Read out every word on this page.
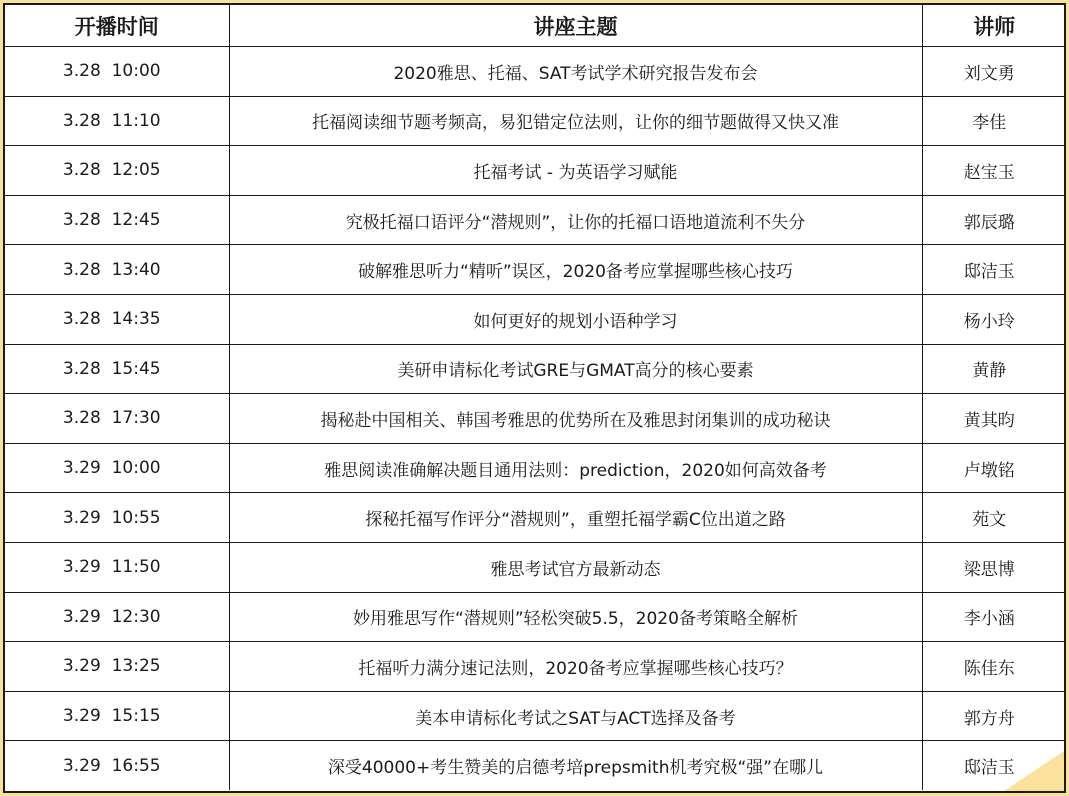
开播时间	讲座主题	讲师
3.28  10:00	2020雅思、托福、SAT考试学术研究报告发布会	刘文勇
3.28  11:10	托福阅读细节题考频高，易犯错定位法则，让你的细节题做得又快又准	李佳
3.28  12:05	托福考试 - 为英语学习赋能	赵宝玉
3.28  12:45	究极托福口语评分“潜规则”，让你的托福口语地道流利不失分	郭辰璐
3.28  13:40	破解雅思听力“精听”误区，2020备考应掌握哪些核心技巧	邸洁玉
3.28  14:35	如何更好的规划小语种学习	杨小玲
3.28  15:45	美研申请标化考试GRE与GMAT高分的核心要素	黄静
3.28  17:30	揭秘赴中国相关、韩国考雅思的优势所在及雅思封闭集训的成功秘诀	黄其昀
3.29  10:00	雅思阅读准确解决题目通用法则：prediction，2020如何高效备考	卢墩铭
3.29  10:55	探秘托福写作评分“潜规则”，重塑托福学霸C位出道之路	苑文
3.29  11:50	雅思考试官方最新动态	梁思博
3.29  12:30	妙用雅思写作“潜规则”轻松突破5.5，2020备考策略全解析	李小涵
3.29  13:25	托福听力满分速记法则，2020备考应掌握哪些核心技巧？	陈佳东
3.29  15:15	美本申请标化考试之SAT与ACT选择及备考	郭方舟
3.29  16:55	深受40000+考生赞美的启德考培prepsmith机考究极“强”在哪儿	邸洁玉
